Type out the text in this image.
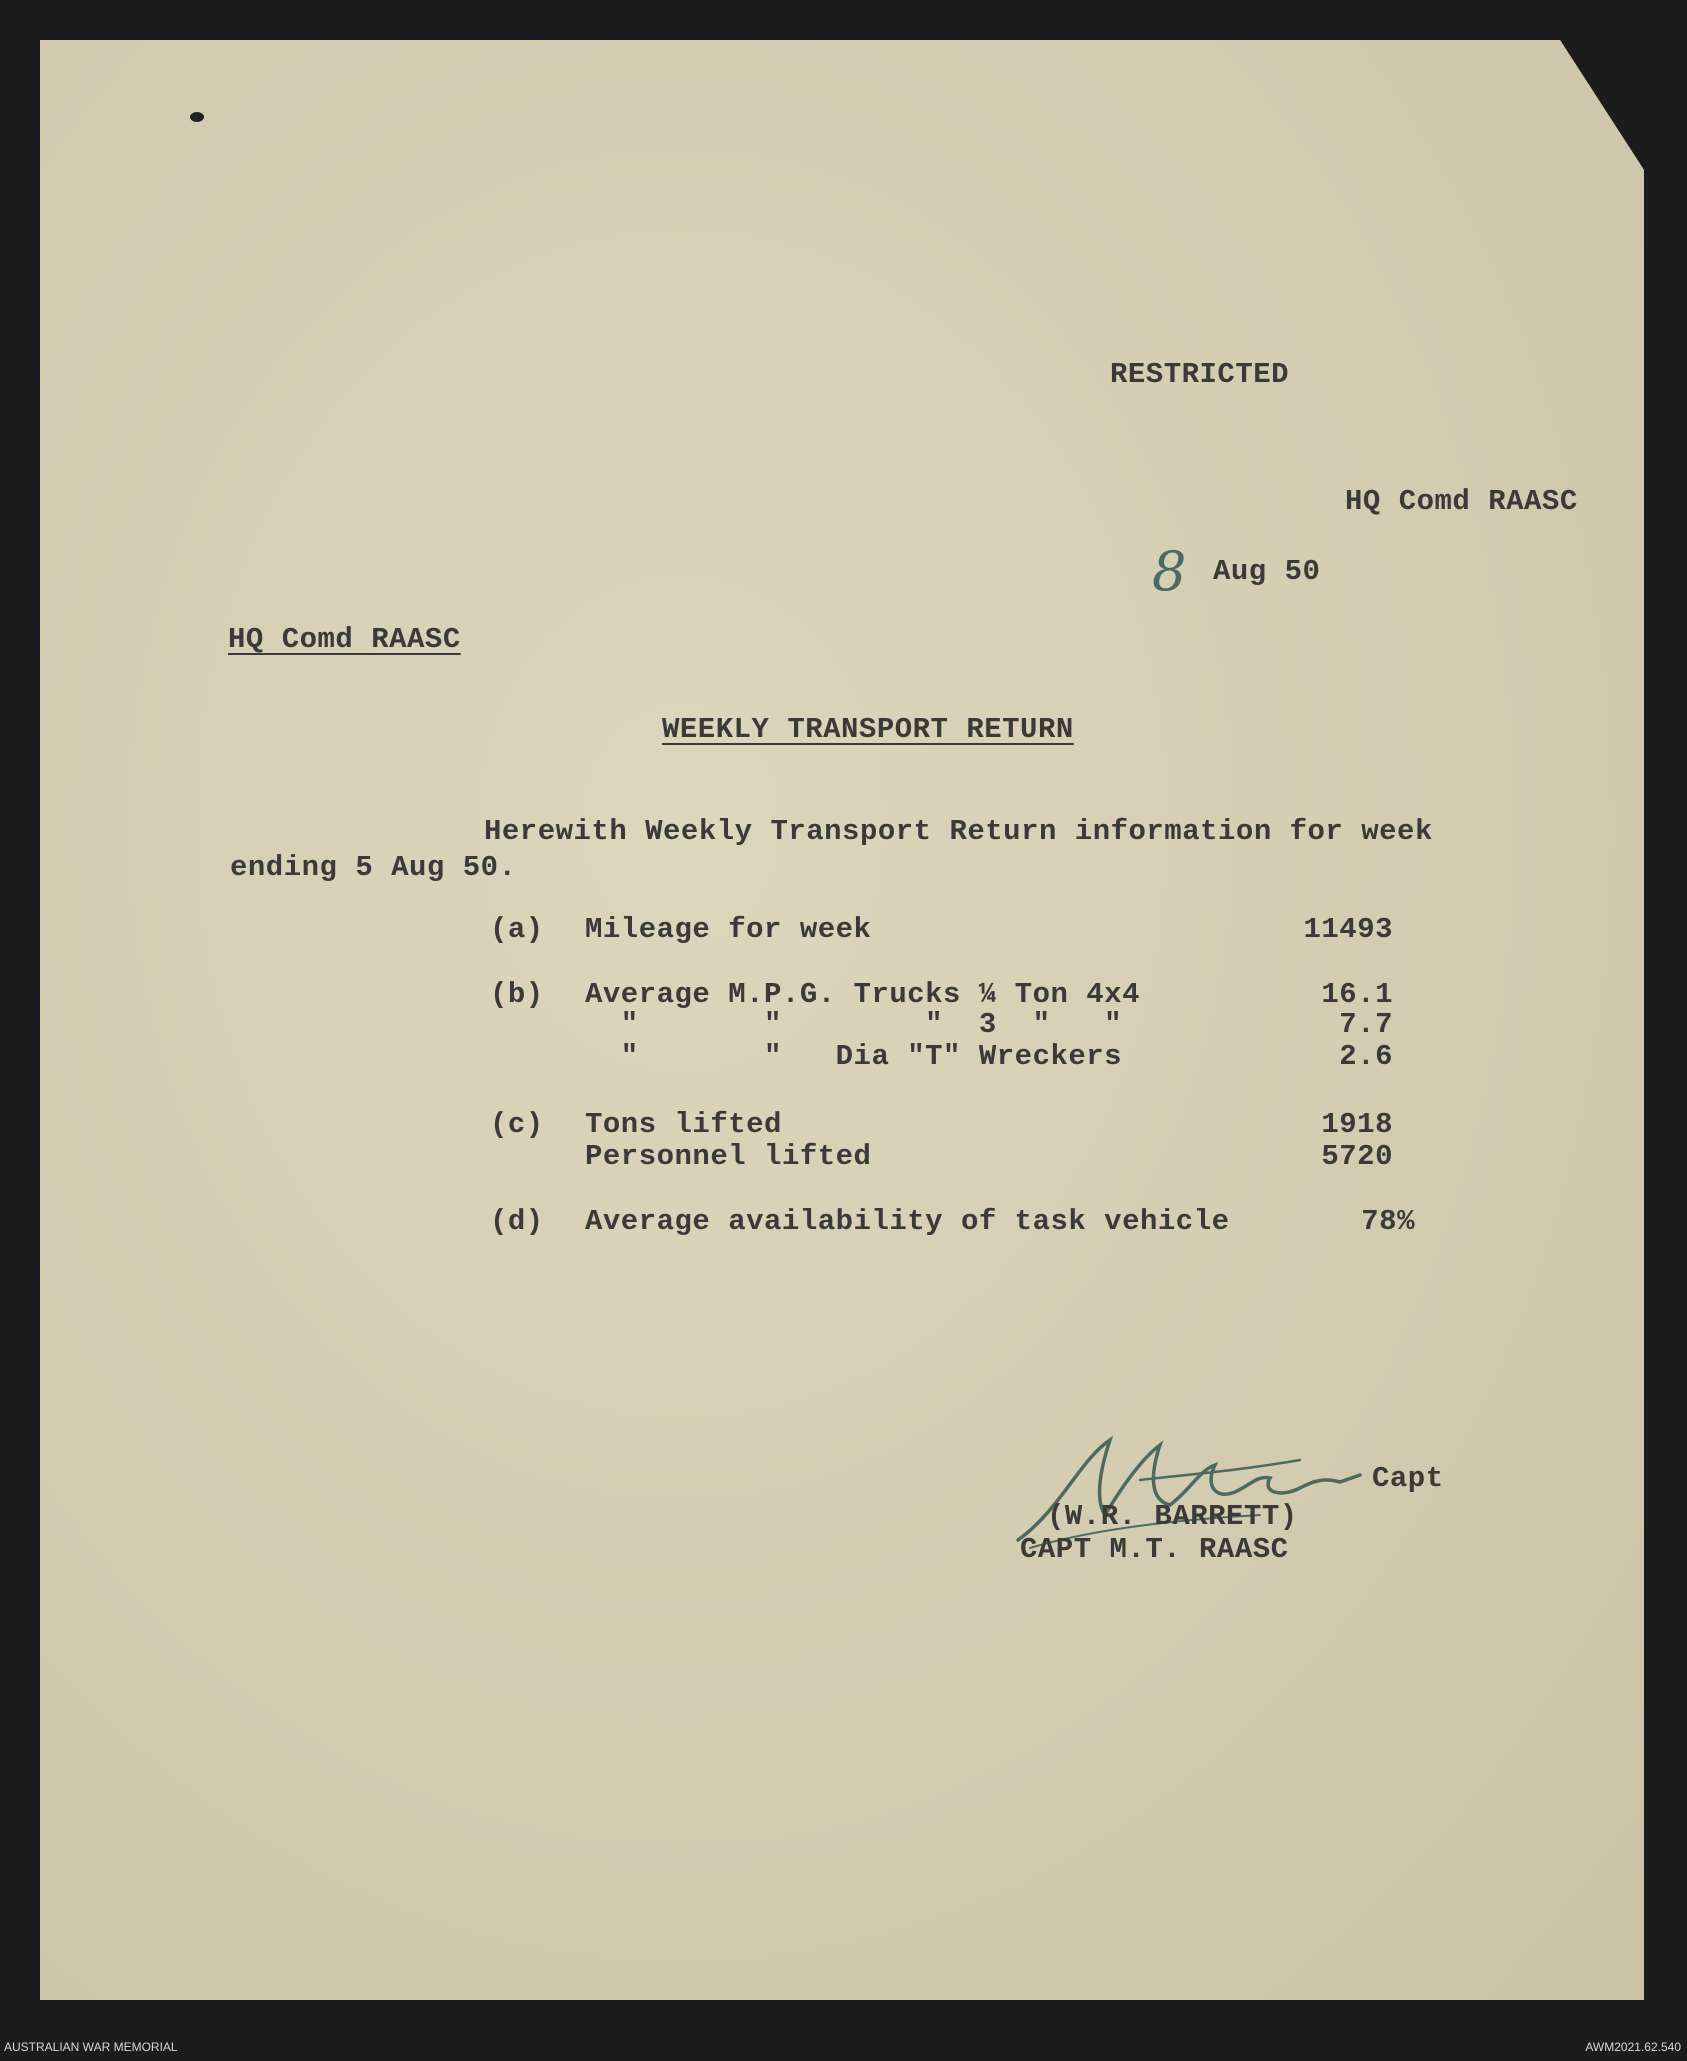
RESTRICTED

HQ Comd RAASC

8 Aug 50

HQ Comd RAASC

WEEKLY TRANSPORT RETURN

Herewith Weekly Transport Return information for week

ending 5 Aug 50.

(a) Mileage for week	11493

(b) Average M.P.G. Trucks ¼ Ton 4x4	16.1

"       "        "  3  "   "	7.7

"       "   Dia "T" Wreckers	2.6

(c) Tons lifted	1918

Personnel lifted	5720

(d) Average availability of task vehicle	78%

Capt

(W.R. BARRETT)

CAPT M.T. RAASC

AUSTRALIAN WAR MEMORIAL	AWM2021.62.540
